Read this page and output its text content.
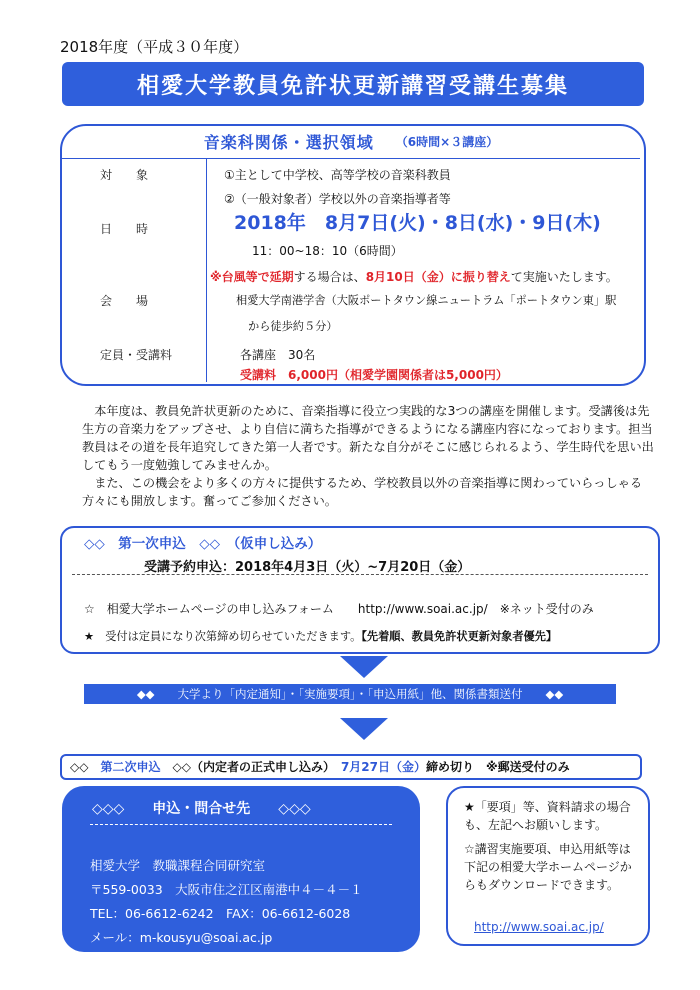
2018年度（平成３０年度）
相愛大学教員免許状更新講習受講生募集
音楽科関係・選択領域 （6時間×３講座）
対　　象	①主として中学校、高等学校の音楽科教員
②（一般対象者）学校以外の音楽指導者等
日　　時	2018年　8月7日(火)・8日(水)・9日(木)
11：00~18：10（6時間）
※台風等で延期する場合は、8月10日（金）に振り替えて実施いたします。
会　　場	相愛大学南港学舎（大阪ポートタウン線ニュートラム「ポートタウン東」駅
から徒歩約５分）
定員・受講料	各講座　30名
受講料　6,000円（相愛学園関係者は5,000円）

本年度は、教員免許状更新のために、音楽指導に役立つ実践的な3つの講座を開催します。受講後は先生方の音楽力をアップさせ、より自信に満ちた指導ができるようになる講座内容になっております。担当教員はその道を長年追究してきた第一人者です。新たな自分がそこに感じられるよう、学生時代を思い出してもう一度勉強してみませんか。

また、この機会をより多くの方々に提供するため、学校教員以外の音楽指導に関わっていらっしゃる方々にも開放します。奮ってご参加ください。

◇◇　第一次申込　◇◇　（仮申し込み）
受講予約申込：2018年4月3日（火）~7月20日（金）
☆　相愛大学ホームページの申し込みフォーム　　http://www.soai.ac.jp/　※ネット受付のみ
★　受付は定員になり次第締め切らせていただきます。【先着順、教員免許状更新対象者優先】
◆◆　　大学より「内定通知」・「実施要項」・「申込用紙」他、関係書類送付　　◆◆
◇◇　第二次申込　◇◇（内定者の正式申し込み）　7月27日（金）締め切り　※郵送受付のみ
◇◇◇　　申込・問合せ先　　◇◇◇
相愛大学　教職課程合同研究室
〒559-0033　大阪市住之江区南港中４－４－１
TEL：06-6612-6242　FAX：06-6612-6028
メール：m-kousyu@soai.ac.jp
★「要項」等、資料請求の場合も、左記へお願いします。
☆講習実施要項、申込用紙等は下記の相愛大学ホームページからもダウンロードできます。
http://www.soai.ac.jp/
